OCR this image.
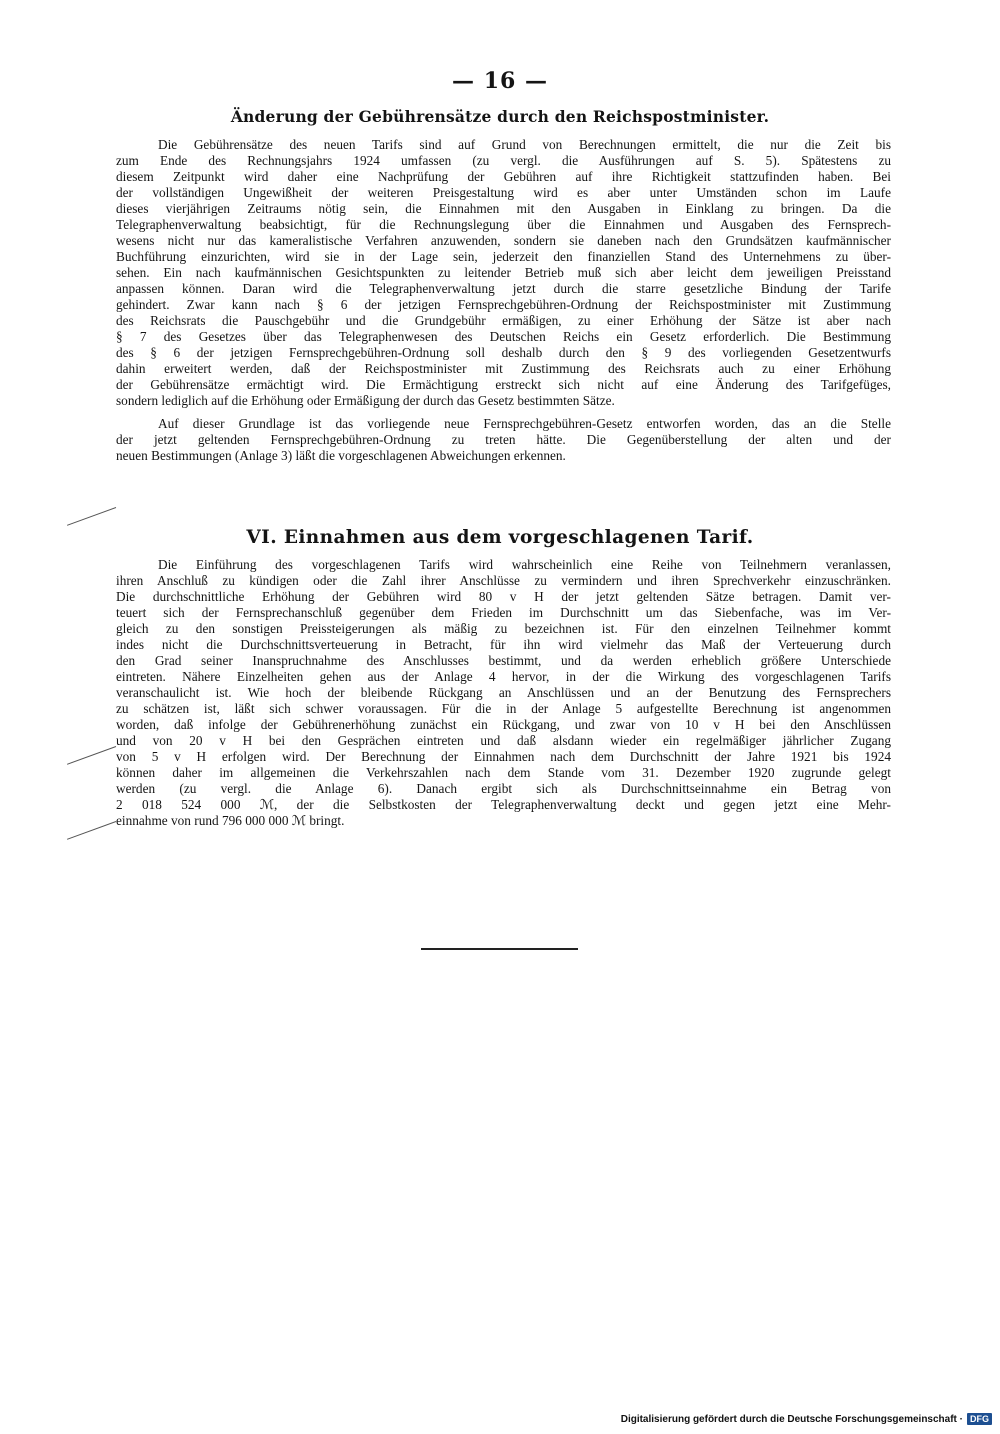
— 16 —
Änderung der Gebührensätze durch den Reichspostminister.

Die Gebührensätze des neuen Tarifs sind auf Grund von Berechnungen ermittelt, die nur die Zeit bis

zum Ende des Rechnungsjahrs 1924 umfassen (zu vergl. die Ausführungen auf S. 5). Spätestens zu

diesem Zeitpunkt wird daher eine Nachprüfung der Gebühren auf ihre Richtigkeit stattzufinden haben. Bei

der vollständigen Ungewißheit der weiteren Preisgestaltung wird es aber unter Umständen schon im Laufe

dieses vierjährigen Zeitraums nötig sein, die Einnahmen mit den Ausgaben in Einklang zu bringen. Da die

Telegraphenverwaltung beabsichtigt, für die Rechnungslegung über die Einnahmen und Ausgaben des Fernsprech-

wesens nicht nur das kameralistische Verfahren anzuwenden, sondern sie daneben nach den Grundsätzen kaufmännischer

Buchführung einzurichten, wird sie in der Lage sein, jederzeit den finanziellen Stand des Unternehmens zu über-

sehen. Ein nach kaufmännischen Gesichtspunkten zu leitender Betrieb muß sich aber leicht dem jeweiligen Preisstand

anpassen können. Daran wird die Telegraphenverwaltung jetzt durch die starre gesetzliche Bindung der Tarife

gehindert. Zwar kann nach § 6 der jetzigen Fernsprechgebühren-Ordnung der Reichspostminister mit Zustimmung

des Reichsrats die Pauschgebühr und die Grundgebühr ermäßigen, zu einer Erhöhung der Sätze ist aber nach

§ 7 des Gesetzes über das Telegraphenwesen des Deutschen Reichs ein Gesetz erforderlich. Die Bestimmung

des § 6 der jetzigen Fernsprechgebühren-Ordnung soll deshalb durch den § 9 des vorliegenden Gesetzentwurfs

dahin erweitert werden, daß der Reichspostminister mit Zustimmung des Reichsrats auch zu einer Erhöhung

der Gebührensätze ermächtigt wird. Die Ermächtigung erstreckt sich nicht auf eine Änderung des Tarifgefüges,

sondern lediglich auf die Erhöhung oder Ermäßigung der durch das Gesetz bestimmten Sätze.

Auf dieser Grundlage ist das vorliegende neue Fernsprechgebühren-Gesetz entworfen worden, das an die Stelle

der jetzt geltenden Fernsprechgebühren-Ordnung zu treten hätte. Die Gegenüberstellung der alten und der

neuen Bestimmungen (Anlage 3) läßt die vorgeschlagenen Abweichungen erkennen.

VI. Einnahmen aus dem vorgeschlagenen Tarif.

Die Einführung des vorgeschlagenen Tarifs wird wahrscheinlich eine Reihe von Teilnehmern veranlassen,

ihren Anschluß zu kündigen oder die Zahl ihrer Anschlüsse zu vermindern und ihren Sprechverkehr einzuschränken.

Die durchschnittliche Erhöhung der Gebühren wird 80 v H der jetzt geltenden Sätze betragen. Damit ver-

teuert sich der Fernsprechanschluß gegenüber dem Frieden im Durchschnitt um das Siebenfache, was im Ver-

gleich zu den sonstigen Preissteigerungen als mäßig zu bezeichnen ist. Für den einzelnen Teilnehmer kommt

indes nicht die Durchschnittsverteuerung in Betracht, für ihn wird vielmehr das Maß der Verteuerung durch

den Grad seiner Inanspruchnahme des Anschlusses bestimmt, und da werden erheblich größere Unterschiede

eintreten. Nähere Einzelheiten gehen aus der Anlage 4 hervor, in der die Wirkung des vorgeschlagenen Tarifs

veranschaulicht ist. Wie hoch der bleibende Rückgang an Anschlüssen und an der Benutzung des Fernsprechers

zu schätzen ist, läßt sich schwer voraussagen. Für die in der Anlage 5 aufgestellte Berechnung ist angenommen

worden, daß infolge der Gebührenerhöhung zunächst ein Rückgang, und zwar von 10 v H bei den Anschlüssen

und von 20 v H bei den Gesprächen eintreten und daß alsdann wieder ein regelmäßiger jährlicher Zugang

von 5 v H erfolgen wird. Der Berechnung der Einnahmen nach dem Durchschnitt der Jahre 1921 bis 1924

können daher im allgemeinen die Verkehrszahlen nach dem Stande vom 31. Dezember 1920 zugrunde gelegt

werden (zu vergl. die Anlage 6). Danach ergibt sich als Durchschnittseinnahme ein Betrag von

2 018 524 000 ℳ, der die Selbstkosten der Telegraphenverwaltung deckt und gegen jetzt eine Mehr-

einnahme von rund 796 000 000 ℳ bringt.

Digitalisierung gefördert durch die Deutsche Forschungsgemeinschaft · DFG
